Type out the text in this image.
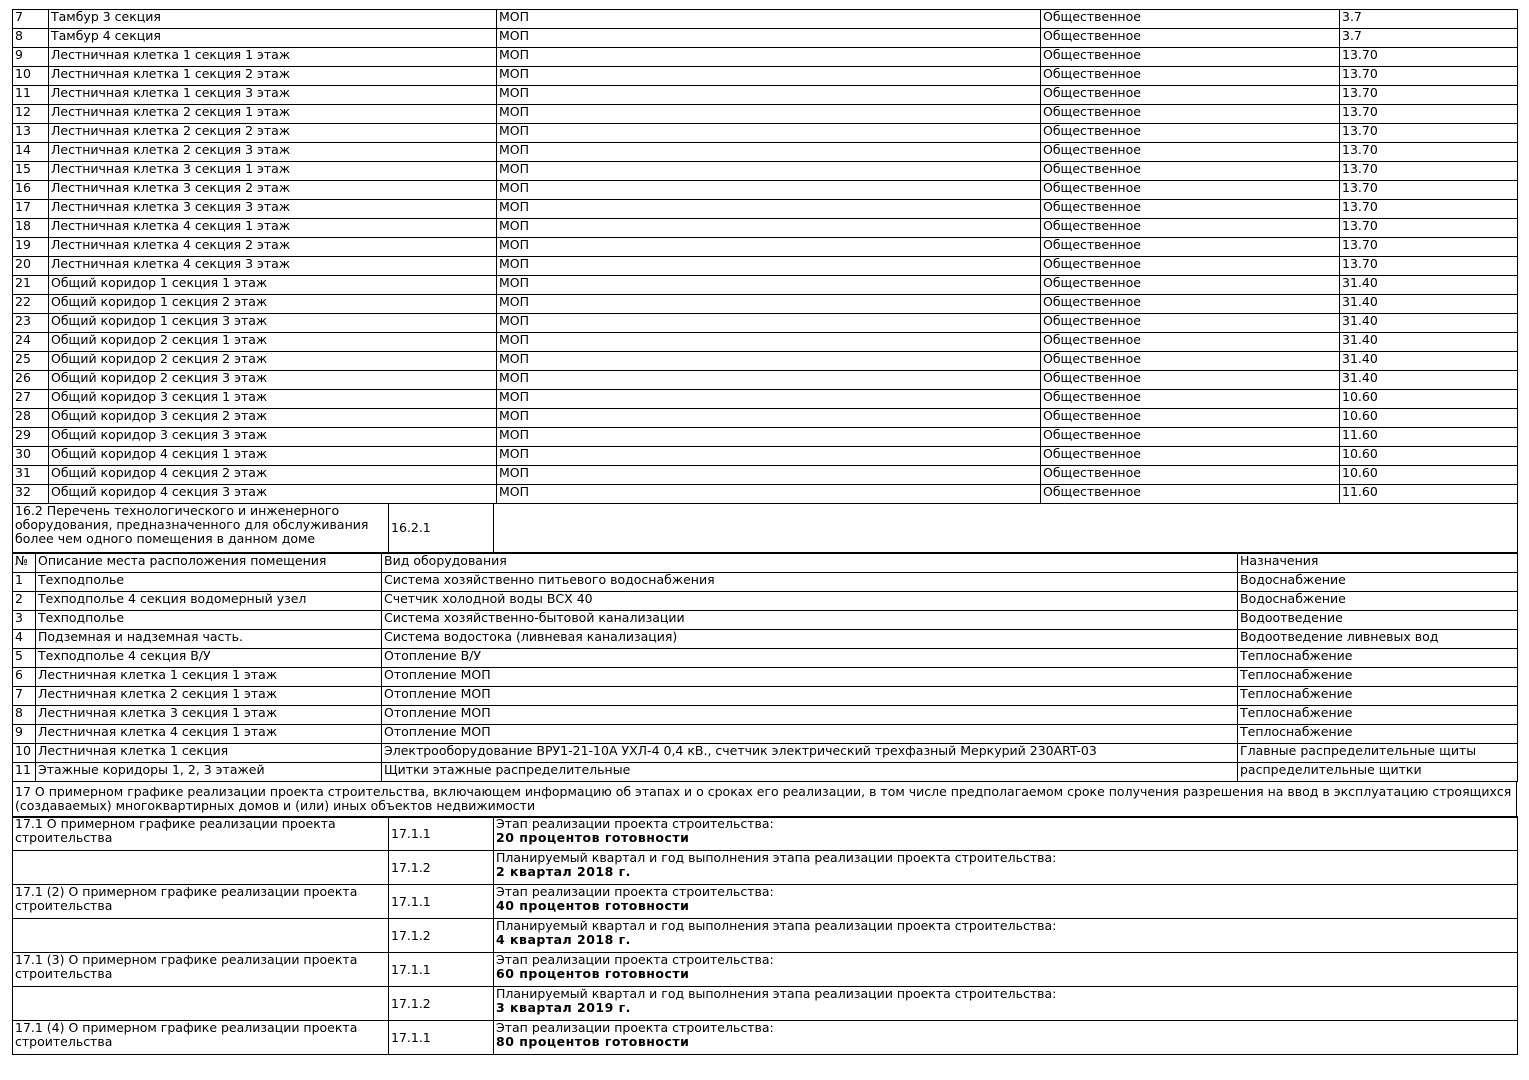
7	Тамбур 3 секция	МОП	Общественное	3.7
8	Тамбур 4 секция	МОП	Общественное	3.7
9	Лестничная клетка 1 секция 1 этаж	МОП	Общественное	13.70
10	Лестничная клетка 1 секция 2 этаж	МОП	Общественное	13.70
11	Лестничная клетка 1 секция 3 этаж	МОП	Общественное	13.70
12	Лестничная клетка 2 секция 1 этаж	МОП	Общественное	13.70
13	Лестничная клетка 2 секция 2 этаж	МОП	Общественное	13.70
14	Лестничная клетка 2 секция 3 этаж	МОП	Общественное	13.70
15	Лестничная клетка 3 секция 1 этаж	МОП	Общественное	13.70
16	Лестничная клетка 3 секция 2 этаж	МОП	Общественное	13.70
17	Лестничная клетка 3 секция 3 этаж	МОП	Общественное	13.70
18	Лестничная клетка 4 секция 1 этаж	МОП	Общественное	13.70
19	Лестничная клетка 4 секция 2 этаж	МОП	Общественное	13.70
20	Лестничная клетка 4 секция 3 этаж	МОП	Общественное	13.70
21	Общий коридор 1 секция 1 этаж	МОП	Общественное	31.40
22	Общий коридор 1 секция 2 этаж	МОП	Общественное	31.40
23	Общий коридор 1 секция 3 этаж	МОП	Общественное	31.40
24	Общий коридор 2 секция 1 этаж	МОП	Общественное	31.40
25	Общий коридор 2 секция 2 этаж	МОП	Общественное	31.40
26	Общий коридор 2 секция 3 этаж	МОП	Общественное	31.40
27	Общий коридор 3 секция 1 этаж	МОП	Общественное	10.60
28	Общий коридор 3 секция 2 этаж	МОП	Общественное	10.60
29	Общий коридор 3 секция 3 этаж	МОП	Общественное	11.60
30	Общий коридор 4 секция 1 этаж	МОП	Общественное	10.60
31	Общий коридор 4 секция 2 этаж	МОП	Общественное	10.60
32	Общий коридор 4 секция 3 этаж	МОП	Общественное	11.60
16.2 Перечень технологического и инженерного оборудования, предназначенного для обслуживания более чем одного помещения в данном доме	16.2.1	
№	Описание места расположения помещения	Вид оборудования	Назначения
1	Техподполье	Система хозяйственно питьевого водоснабжения	Водоснабжение
2	Техподполье 4 секция водомерный узел	Счетчик холодной воды ВСХ 40	Водоснабжение
3	Техподполье	Система хозяйственно-бытовой канализации	Водоотведение
4	Подземная и надземная часть.	Система водостока (ливневая канализация)	Водоотведение ливневых вод
5	Техподполье 4 секция В/У	Отопление В/У	Теплоснабжение
6	Лестничная клетка 1 секция 1 этаж	Отопление МОП	Теплоснабжение
7	Лестничная клетка 2 секция 1 этаж	Отопление МОП	Теплоснабжение
8	Лестничная клетка 3 секция 1 этаж	Отопление МОП	Теплоснабжение
9	Лестничная клетка 4 секция 1 этаж	Отопление МОП	Теплоснабжение
10	Лестничная клетка 1 секция	Электрооборудование ВРУ1-21-10А УХЛ-4 0,4 кВ., счетчик электрический трехфазный Меркурий 230ART-03	Главные распределительные щиты
11	Этажные коридоры 1, 2, 3 этажей	Щитки этажные распределительные	распределительные щитки
17 О примерном графике реализации проекта строительства, включающем информацию об этапах и о сроках его реализации, в том числе предполагаемом сроке получения разрешения на ввод в эксплуатацию строящихся (создаваемых) многоквартирных домов и (или) иных объектов недвижимости
17.1 О примерном графике реализации проекта строительства	17.1.1	Этап реализации проекта строительства:
20 процентов готовности

	17.1.2	Планируемый квартал и год выполнения этапа реализации проекта строительства:
2 квартал 2018 г.

17.1 (2) О примерном графике реализации проекта строительства	17.1.1	Этап реализации проекта строительства:
40 процентов готовности

	17.1.2	Планируемый квартал и год выполнения этапа реализации проекта строительства:
4 квартал 2018 г.

17.1 (3) О примерном графике реализации проекта строительства	17.1.1	Этап реализации проекта строительства:
60 процентов готовности

	17.1.2	Планируемый квартал и год выполнения этапа реализации проекта строительства:
3 квартал 2019 г.

17.1 (4) О примерном графике реализации проекта строительства	17.1.1	Этап реализации проекта строительства:
80 процентов готовности
